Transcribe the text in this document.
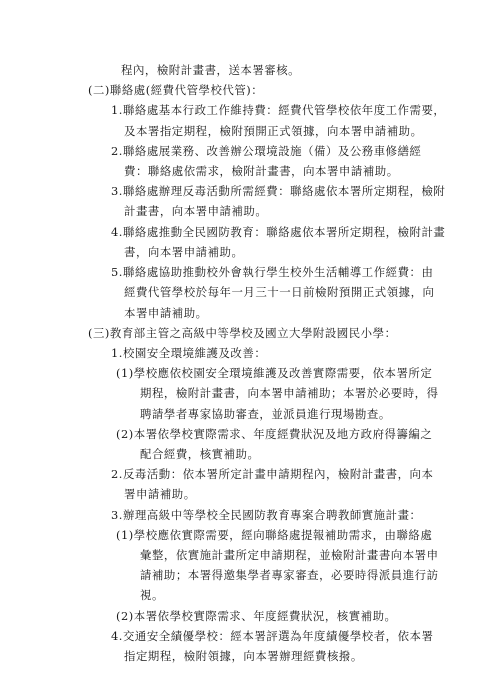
程內，檢附計畫書，送本署審核。
(二)聯絡處(經費代管學校代管)：
1.聯絡處基本行政工作維持費：經費代管學校依年度工作需要，
及本署指定期程，檢附預開正式領據，向本署申請補助。
2.聯絡處展業務、改善辦公環境設施（備）及公務車修繕經
費：聯絡處依需求，檢附計畫書，向本署申請補助。
3.聯絡處辦理反毒活動所需經費：聯絡處依本署所定期程，檢附
計畫書，向本署申請補助。
4.聯絡處推動全民國防教育：聯絡處依本署所定期程，檢附計畫
書，向本署申請補助。
5.聯絡處協助推動校外會執行學生校外生活輔導工作經費：由
經費代管學校於每年一月三十一日前檢附預開正式領據，向
本署申請補助。
(三)教育部主管之高級中等學校及國立大學附設國民小學：
1.校園安全環境維護及改善：
(1)學校應依校園安全環境維護及改善實際需要，依本署所定
期程，檢附計畫書，向本署申請補助；本署於必要時，得
聘請學者專家協助審查，並派員進行現場勘查。
(2)本署依學校實際需求、年度經費狀況及地方政府得籌編之
配合經費，核實補助。
2.反毒活動：依本署所定計畫申請期程內，檢附計畫書，向本
署申請補助。
3.辦理高級中等學校全民國防教育專案合聘教師實施計畫：
(1)學校應依實際需要，經向聯絡處提報補助需求，由聯絡處
彙整，依實施計畫所定申請期程，並檢附計畫書向本署申
請補助；本署得邀集學者專家審查，必要時得派員進行訪
視。
(2)本署依學校實際需求、年度經費狀況，核實補助。
4.交通安全績優學校：經本署評選為年度績優學校者，依本署
指定期程，檢附領據，向本署辦理經費核撥。
